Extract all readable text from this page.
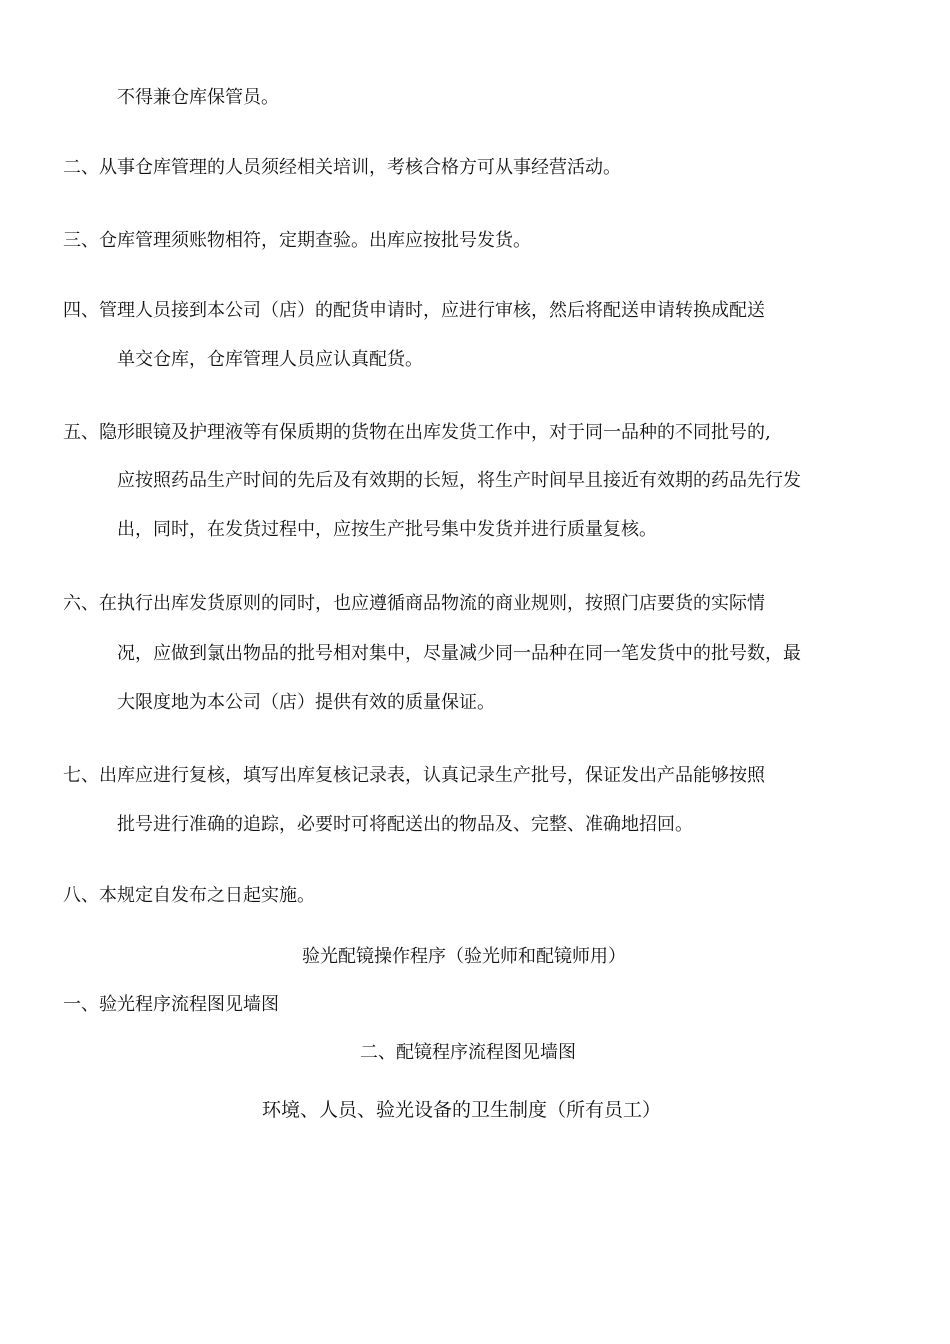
不得兼仓库保管员。
二、从事仓库管理的人员须经相关培训，考核合格方可从事经营活动。
三、仓库管理须账物相符，定期查验。出库应按批号发货。
四、管理人员接到本公司（店）的配货申请时，应进行审核，然后将配送申请转换成配送
单交仓库，仓库管理人员应认真配货。
五、隐形眼镜及护理液等有保质期的货物在出库发货工作中，对于同一品种的不同批号的,
应按照药品生产时间的先后及有效期的长短，将生产时间早且接近有效期的药品先行发
出，同时，在发货过程中，应按生产批号集中发货并进行质量复核。
六、在执行出库发货原则的同时，也应遵循商品物流的商业规则，按照门店要货的实际情
况，应做到氯出物品的批号相对集中，尽量减少同一品种在同一笔发货中的批号数，最
大限度地为本公司（店）提供有效的质量保证。
七、出库应进行复核，填写出库复核记录表，认真记录生产批号，保证发出产品能够按照
批号进行准确的追踪，必要时可将配送出的物品及、完整、准确地招回。
八、本规定自发布之日起实施。
验光配镜操作程序（验光师和配镜师用）
一、验光程序流程图见墙图
二、配镜程序流程图见墙图
环境、人员、验光设备的卫生制度（所有员工）
